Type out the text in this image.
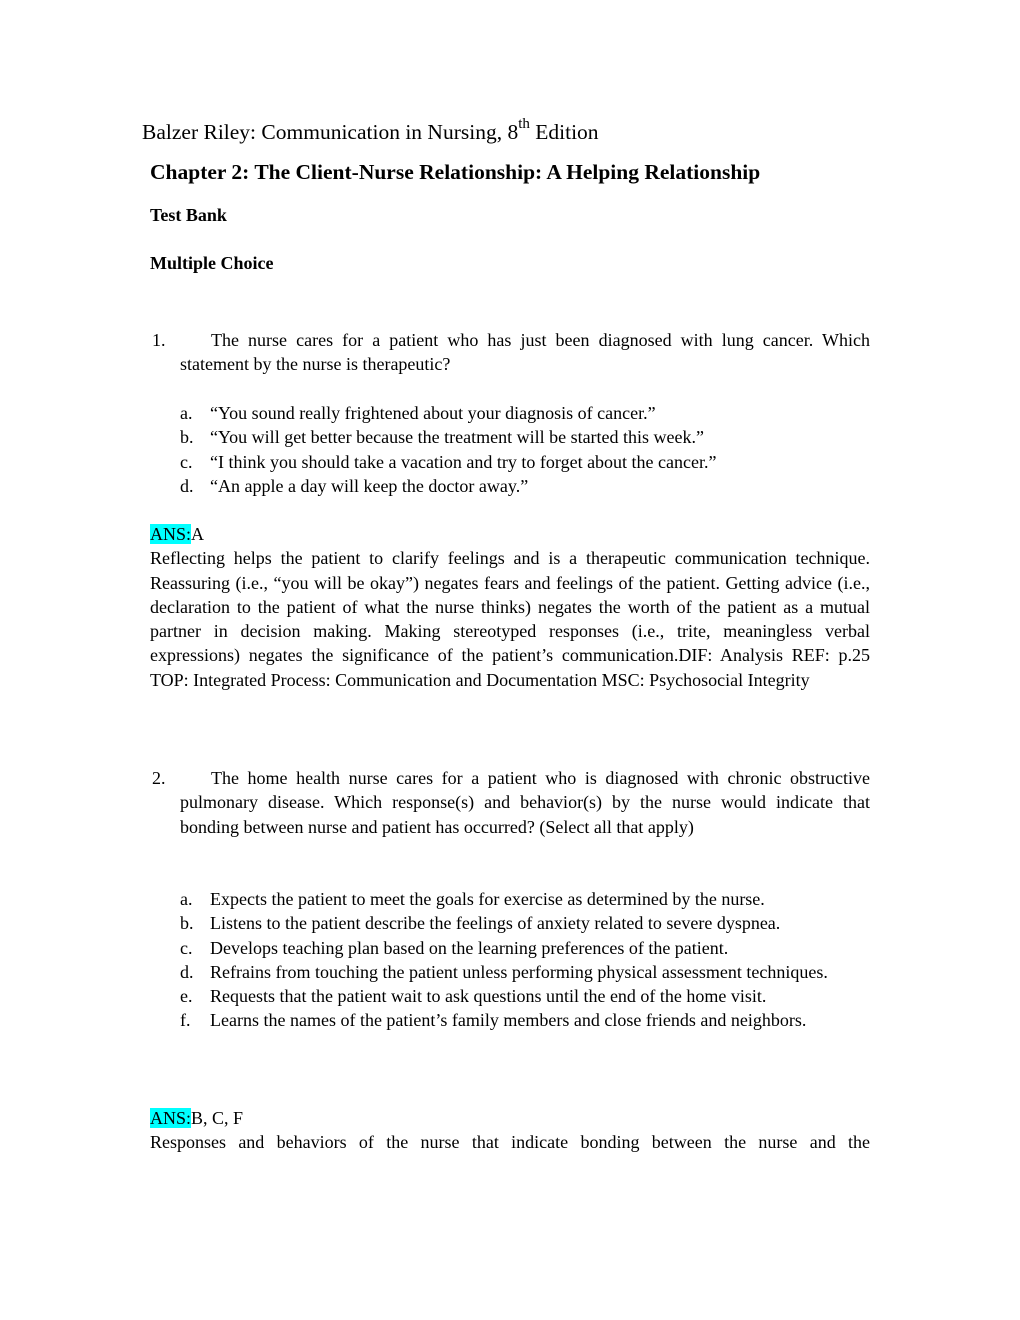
Balzer Riley: Communication in Nursing, 8th Edition
Chapter 2: The Client-Nurse Relationship: A Helping Relationship
Test Bank
Multiple Choice
1.	The nurse cares for a patient who has just been diagnosed with lung cancer. Which statement by the nurse is therapeutic?
a. “You sound really frightened about your diagnosis of cancer.”
b. “You will get better because the treatment will be started this week.”
c. “I think you should take a vacation and try to forget about the cancer.”
d. “An apple a day will keep the doctor away.”
ANS:A
Reflecting helps the patient to clarify feelings and is a therapeutic communication technique. Reassuring (i.e., “you will be okay”) negates fears and feelings of the patient. Getting advice (i.e., declaration to the patient of what the nurse thinks) negates the worth of the patient as a mutual partner in decision making. Making stereotyped responses (i.e., trite, meaningless verbal expressions) negates the significance of the patient’s communication.DIF: Analysis REF: p.25 TOP: Integrated Process: Communication and Documentation MSC: Psychosocial Integrity
2.	The home health nurse cares for a patient who is diagnosed with chronic obstructive pulmonary disease. Which response(s) and behavior(s) by the nurse would indicate that bonding between nurse and patient has occurred? (Select all that apply)
a. Expects the patient to meet the goals for exercise as determined by the nurse.
b. Listens to the patient describe the feelings of anxiety related to severe dyspnea.
c. Develops teaching plan based on the learning preferences of the patient.
d. Refrains from touching the patient unless performing physical assessment techniques.
e. Requests that the patient wait to ask questions until the end of the home visit.
f. Learns the names of the patient’s family members and close friends and neighbors.
ANS:B, C, F
Responses and behaviors of the nurse that indicate bonding between the nurse and the
